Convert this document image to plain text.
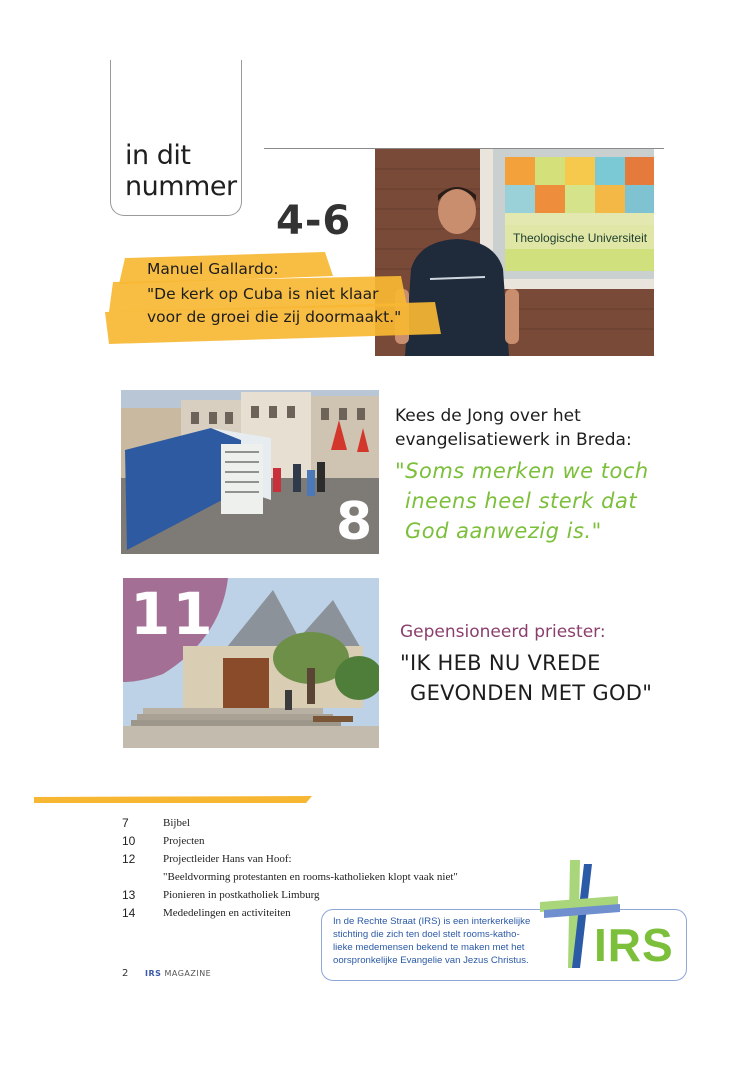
in dit
nummer
Theologische Universiteit
4-6
Manuel Gallardo:
"De kerk op Cuba is niet klaar
voor de groei die zij doormaakt."
8
Kees de Jong over het
evangelisatiewerk in Breda:
"Soms merken we toch
ineens heel sterk dat
God aanwezig is."
11	Gepensioneerd priester:
"IK HEB NU VREDE
GEVONDEN MET GOD"
7	Bijbel
10	Projecten
12	Projectleider Hans van Hoof:
"Beeldvorming protestanten en rooms-katholieken klopt vaak niet"
13	Pionieren in postkatholiek Limburg
14	Mededelingen en activiteiten
2 IRS MAGAZINE
In de Rechte Straat (IRS) is een interkerkelijke
stichting die zich ten doel stelt rooms-katho-
lieke medemensen bekend te maken met het
oorspronkelijke Evangelie van Jezus Christus.	IRS
